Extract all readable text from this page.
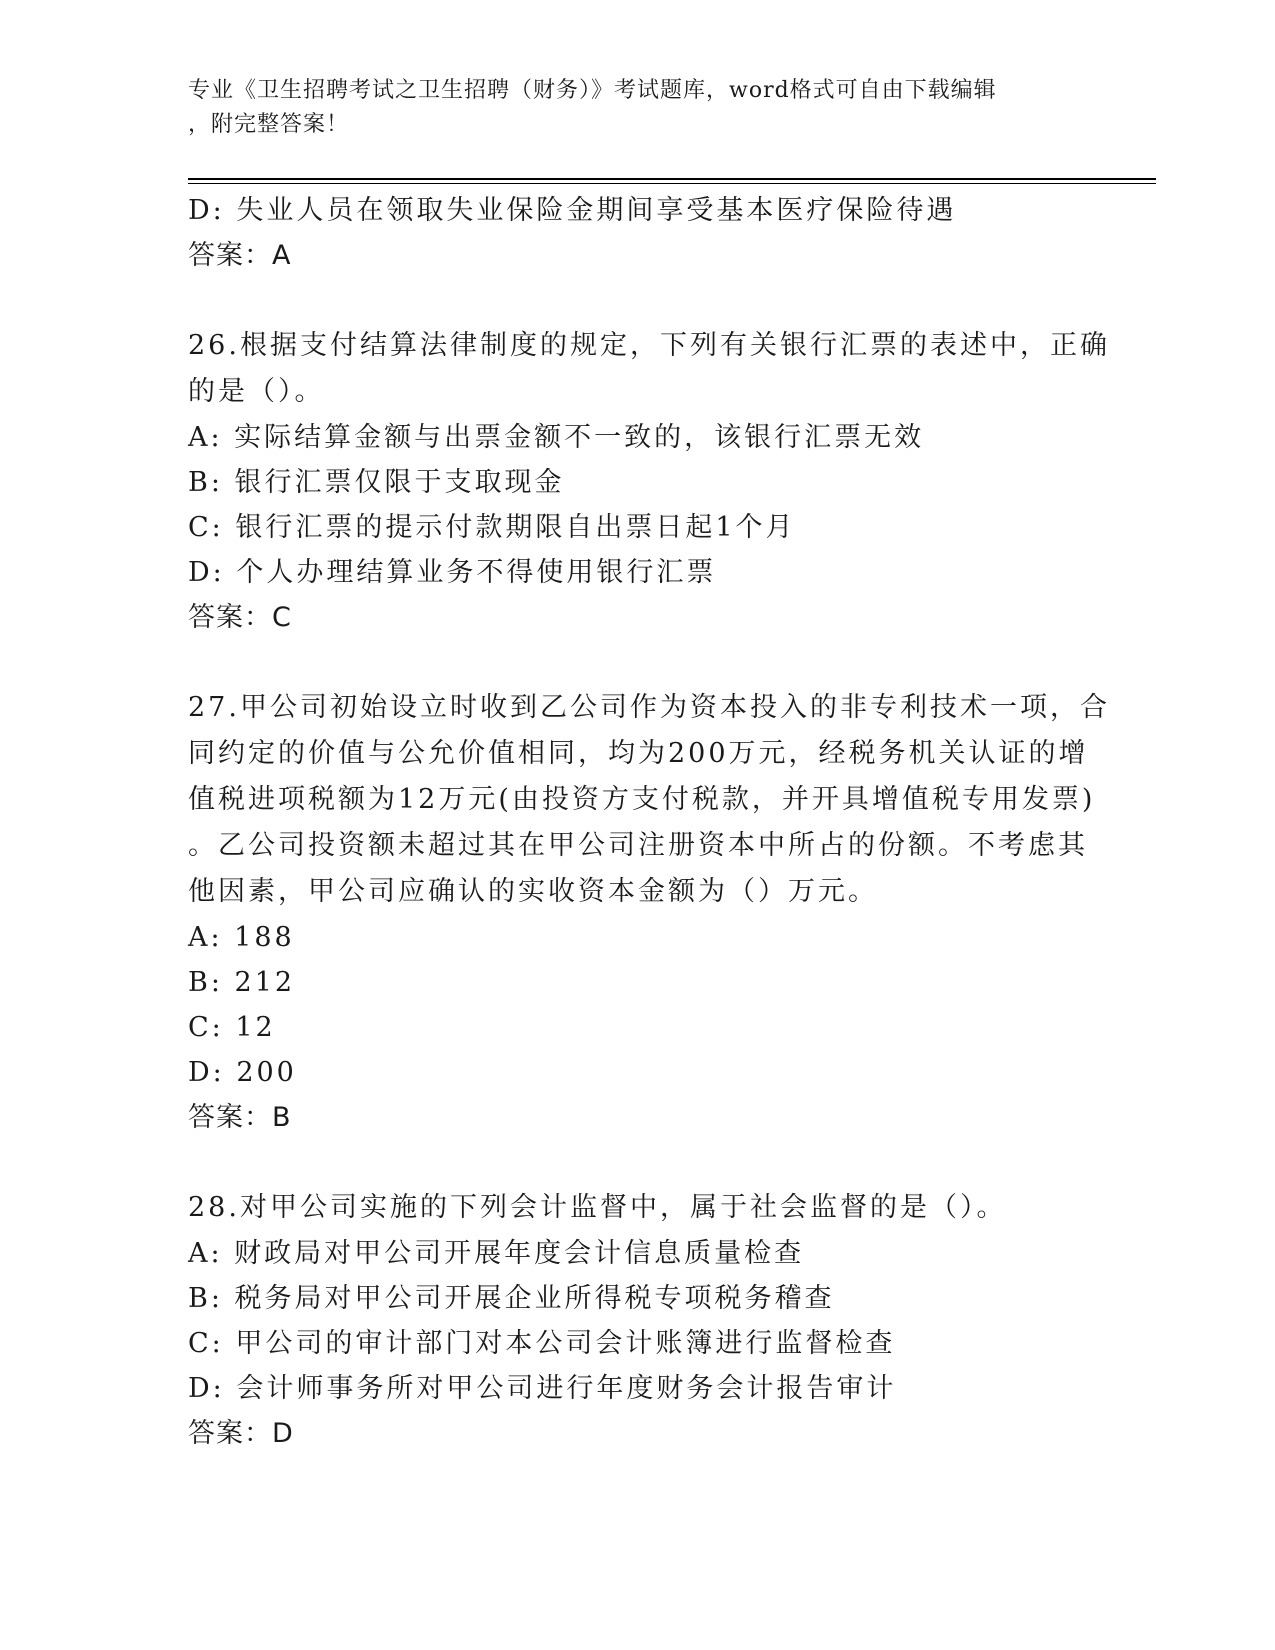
专业《卫生招聘考试之卫生招聘（财务）》考试题库，word格式可自由下载编辑
，附完整答案！
D: 失业人员在领取失业保险金期间享受基本医疗保险待遇
答案：A
26.根据支付结算法律制度的规定，下列有关银行汇票的表述中，正确
的是（）。
A: 实际结算金额与出票金额不一致的，该银行汇票无效
B: 银行汇票仅限于支取现金
C: 银行汇票的提示付款期限自出票日起1个月
D: 个人办理结算业务不得使用银行汇票
答案：C
27.甲公司初始设立时收到乙公司作为资本投入的非专利技术一项，合
同约定的价值与公允价值相同，均为200万元，经税务机关认证的增
值税进项税额为12万元(由投资方支付税款，并开具增值税专用发票)
。乙公司投资额未超过其在甲公司注册资本中所占的份额。不考虑其
他因素，甲公司应确认的实收资本金额为（）万元。
A: 188
B: 212
C: 12
D: 200
答案：B
28.对甲公司实施的下列会计监督中，属于社会监督的是（）。
A: 财政局对甲公司开展年度会计信息质量检查
B: 税务局对甲公司开展企业所得税专项税务稽查
C: 甲公司的审计部门对本公司会计账簿进行监督检查
D: 会计师事务所对甲公司进行年度财务会计报告审计
答案：D
